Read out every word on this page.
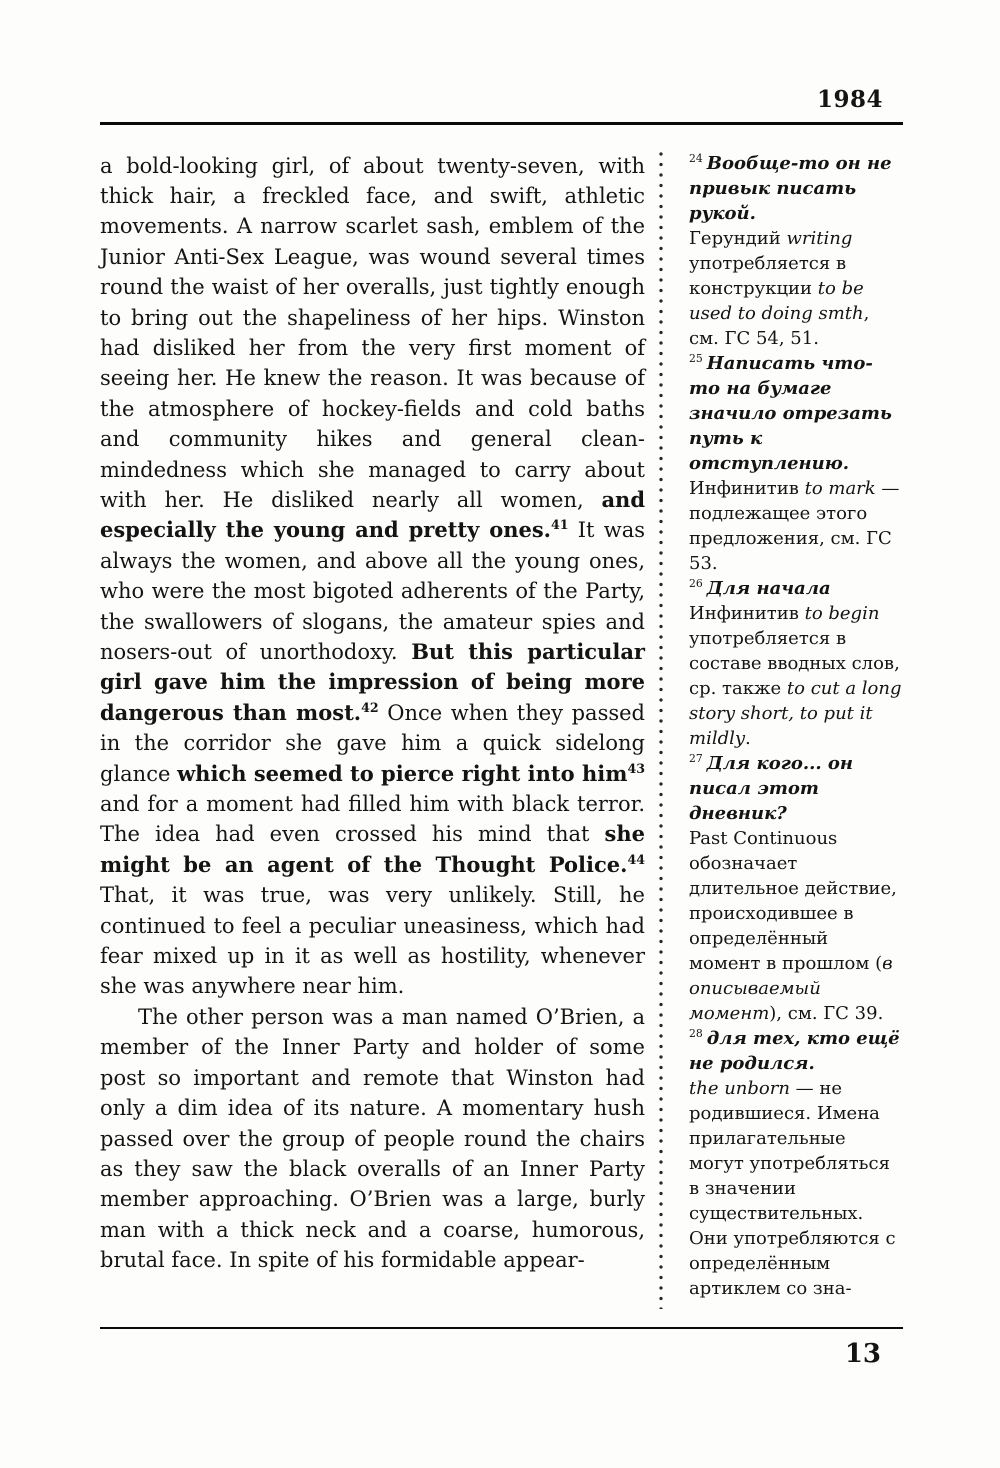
1984

a bold-looking girl, of about twenty-seven, with thick hair, a freckled face, and swift, athletic movements. A narrow scarlet sash, emblem of the Junior Anti-Sex League, was wound several times round the waist of her overalls, just tightly enough to bring out the shapeliness of her hips. Winston had disliked her from the very first moment of seeing her. He knew the reason. It was because of the atmosphere of hockey-fields and cold baths and community hikes and general clean-mindedness which she managed to carry about with her. He disliked nearly all women, and especially the young and pretty ones.$^{41}$ It was always the women, and above all the young ones, who were the most bigoted adherents of the Party, the swallowers of slogans, the amateur spies and nosers-out of unorthodoxy. But this particular girl gave him the impression of being more dangerous than most.$^{42}$ Once when they passed in the corridor she gave him a quick sidelong glance which seemed to pierce right into him$^{43}$ and for a moment had filled him with black terror. The idea had even crossed his mind that she might be an agent of the Thought Police.$^{44}$ That, it was true, was very unlikely. Still, he continued to feel a peculiar uneasiness, which had fear mixed up in it as well as hostility, whenever she was anywhere near him.

The other person was a man named O’Brien, a member of the Inner Party and holder of some post so important and remote that Winston had only a dim idea of its nature. A momentary hush passed over the group of people round the chairs as they saw the black overalls of an Inner Party member approaching. O’Brien was a large, burly man with a thick neck and a coarse, humorous, brutal face. In spite of his formidable appear-

$^{24}$ Вообще-то он не привык писать рукой.

Герундий writing употребляется в конструкции to be used to doing smth, см. ГС 54, 51.

$^{25}$ Написать что-то на бумаге значило отрезать путь к отступлению.

Инфинитив to mark — подлежащее этого предложения, см. ГС 53.

$^{26}$ Для начала

Инфинитив to begin употребляется в составе вводных слов, ср. также to cut a long story short, to put it mildly.

$^{27}$ Для кого... он писал этот дневник?

Past Continuous обозначает длительное действие, происходившее в определённый момент в прошлом (в описываемый момент), см. ГС 39.

$^{28}$ для тех, кто ещё не родился.

the unborn — не родившиеся. Имена прилагательные могут употребляться в значении существительных. Они употребляются с определённым артиклем со зна-

13
